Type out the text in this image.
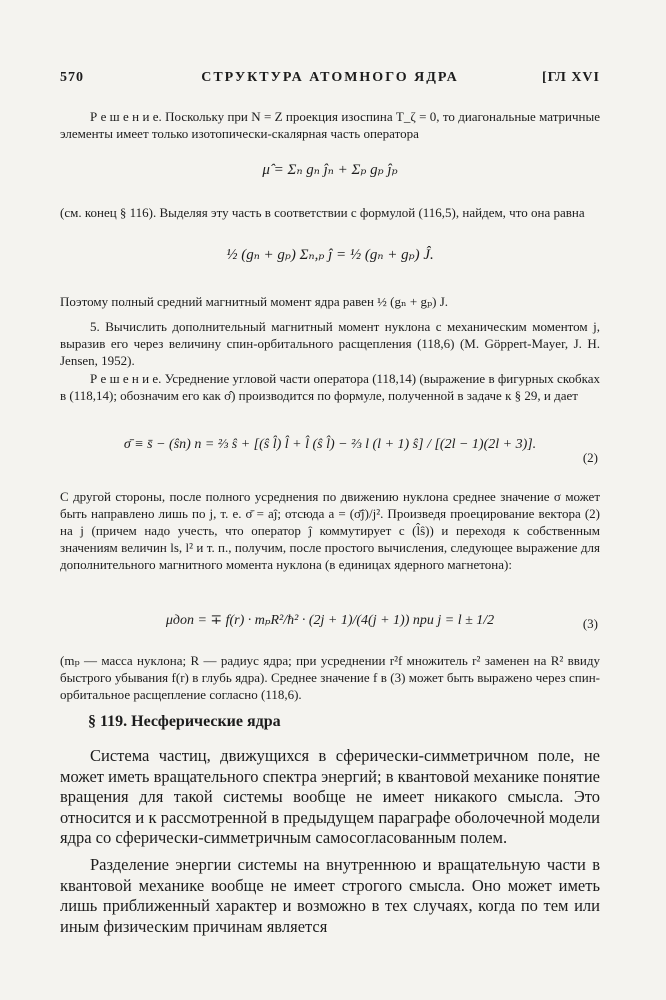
570	СТРУКТУРА АТОМНОГО ЯДРА	[ГЛ XVI
Р е ш е н и е. Поскольку при N = Z проекция изоспина T_ζ = 0, то диагональные матричные элементы имеет только изотопически-скалярная часть оператора
μ̂ = Σₙ gₙ ĵₙ + Σₚ gₚ ĵₚ
(см. конец § 116). Выделяя эту часть в соответствии с формулой (116,5), найдем, что она равна
½ (gₙ + gₚ) Σₙ,ₚ ĵ = ½ (gₙ + gₚ) Ĵ.
Поэтому полный средний магнитный момент ядра равен ½ (gₙ + gₚ) J.
5. Вычислить дополнительный магнитный момент нуклона с механическим моментом j, выразив его через величину спин-орбитального расщепления (118,6) (M. Göppert-Mayer, J. H. Jensen, 1952).
Р е ш е н и е. Усреднение угловой части оператора (118,14) (выражение в фигурных скобках в (118,14); обозначим его как σ̂) производится по формуле, полученной в задаче к § 29, и дает
σ̄ ≡ s̄ − (ŝn) n = ⅔ ŝ + [(ŝ l̂) l̂ + l̂ (ŝ l̂) − ⅔ l (l + 1) ŝ] / [(2l − 1)(2l + 3)].
(2)
С другой стороны, после полного усреднения по движению нуклона среднее значение σ может быть направлено лишь по j, т. е. σ̄ = aĵ; отсюда a = (σ̄ĵ)/j². Произведя проецирование вектора (2) на j (причем надо учесть, что оператор ĵ коммутирует с (l̂ŝ)) и переходя к собственным значениям величин ls, l² и т. п., получим, после простого вычисления, следующее выражение для дополнительного магнитного момента нуклона (в единицах ядерного магнетона):
μдоп = ∓ f(r) · mₚR²/ħ² · (2j + 1)/(4(j + 1)) при j = l ± 1/2	(3)
(mₚ — масса нуклона; R — радиус ядра; при усреднении r²f множитель r² заменен на R² ввиду быстрого убывания f(r) в глубь ядра). Среднее значение f в (3) может быть выражено через спин-орбитальное расщепление согласно (118,6).
§ 119. Несферические ядра
Система частиц, движущихся в сферически-симметричном поле, не может иметь вращательного спектра энергий; в квантовой механике понятие вращения для такой системы вообще не имеет никакого смысла. Это относится и к рассмотренной в предыдущем параграфе оболочечной модели ядра со сферически-симметричным самосогласованным полем.
Разделение энергии системы на внутреннюю и вращательную части в квантовой механике вообще не имеет строгого смысла. Оно может иметь лишь приближенный характер и возможно в тех случаях, когда по тем или иным физическим причинам является
